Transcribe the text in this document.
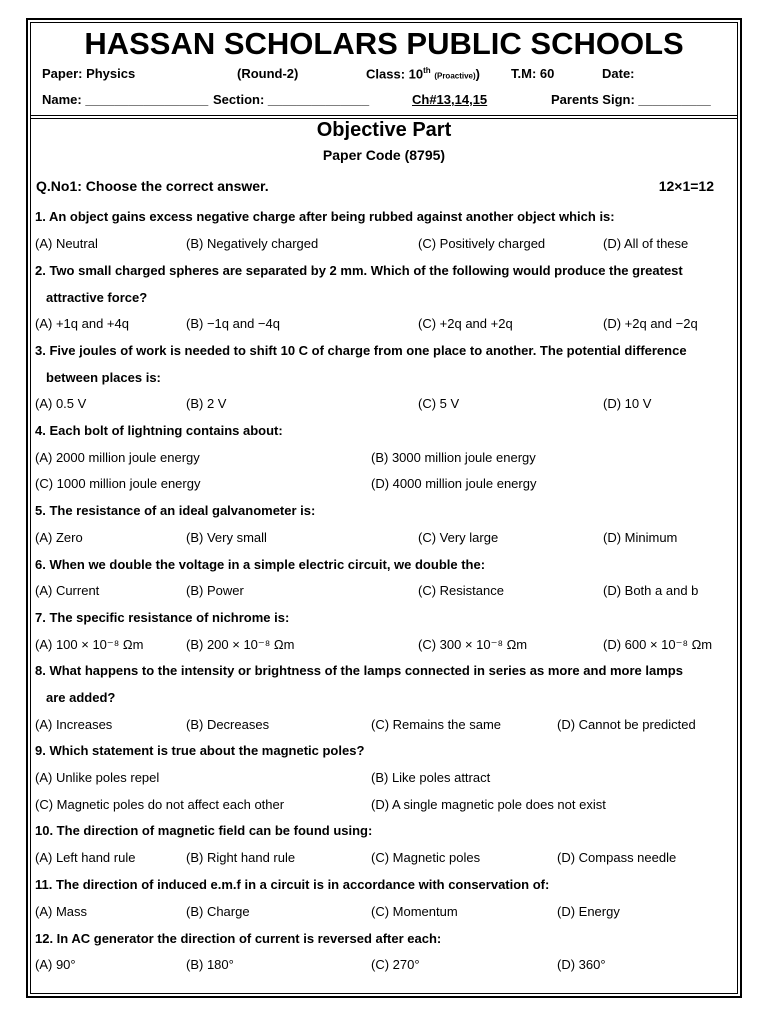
HASSAN SCHOLARS PUBLIC SCHOOLS
Paper: Physics	(Round-2)	Class: 10th (Proactive)) T.M: 60	Date:
Name: _________________ Section: ______________	Ch#13,14,15	Parents Sign: __________
Objective Part
Paper Code (8795)
Q.No1: Choose the correct answer.	12×1=12
1. An object gains excess negative charge after being rubbed against another object which is:
(A) Neutral	(B) Negatively charged	(C) Positively charged	(D) All of these
2. Two small charged spheres are separated by 2 mm. Which of the following would produce the greatest
attractive force?
(A) +1q and +4q	(B) −1q and −4q	(C) +2q and +2q	(D) +2q and −2q
3. Five joules of work is needed to shift 10 C of charge from one place to another. The potential difference
between places is:
(A) 0.5 V	(B) 2 V	(C) 5 V	(D) 10 V
4. Each bolt of lightning contains about:
(A) 2000 million joule energy	(B) 3000 million joule energy
(C) 1000 million joule energy	(D) 4000 million joule energy
5. The resistance of an ideal galvanometer is:
(A) Zero	(B) Very small	(C) Very large	(D) Minimum
6. When we double the voltage in a simple electric circuit, we double the:
(A) Current	(B) Power	(C) Resistance	(D) Both a and b
7. The specific resistance of nichrome is:
(A) 100 × 10⁻⁸ Ωm	(B) 200 × 10⁻⁸ Ωm	(C) 300 × 10⁻⁸ Ωm	(D) 600 × 10⁻⁸ Ωm
8. What happens to the intensity or brightness of the lamps connected in series as more and more lamps
are added?
(A) Increases	(B) Decreases	(C) Remains the same	(D) Cannot be predicted
9. Which statement is true about the magnetic poles?
(A) Unlike poles repel	(B) Like poles attract
(C) Magnetic poles do not affect each other	(D) A single magnetic pole does not exist
10. The direction of magnetic field can be found using:
(A) Left hand rule	(B) Right hand rule	(C) Magnetic poles	(D) Compass needle
11. The direction of induced e.m.f in a circuit is in accordance with conservation of:
(A) Mass	(B) Charge	(C) Momentum	(D) Energy
12. In AC generator the direction of current is reversed after each:
(A) 90°	(B) 180°	(C) 270°	(D) 360°
